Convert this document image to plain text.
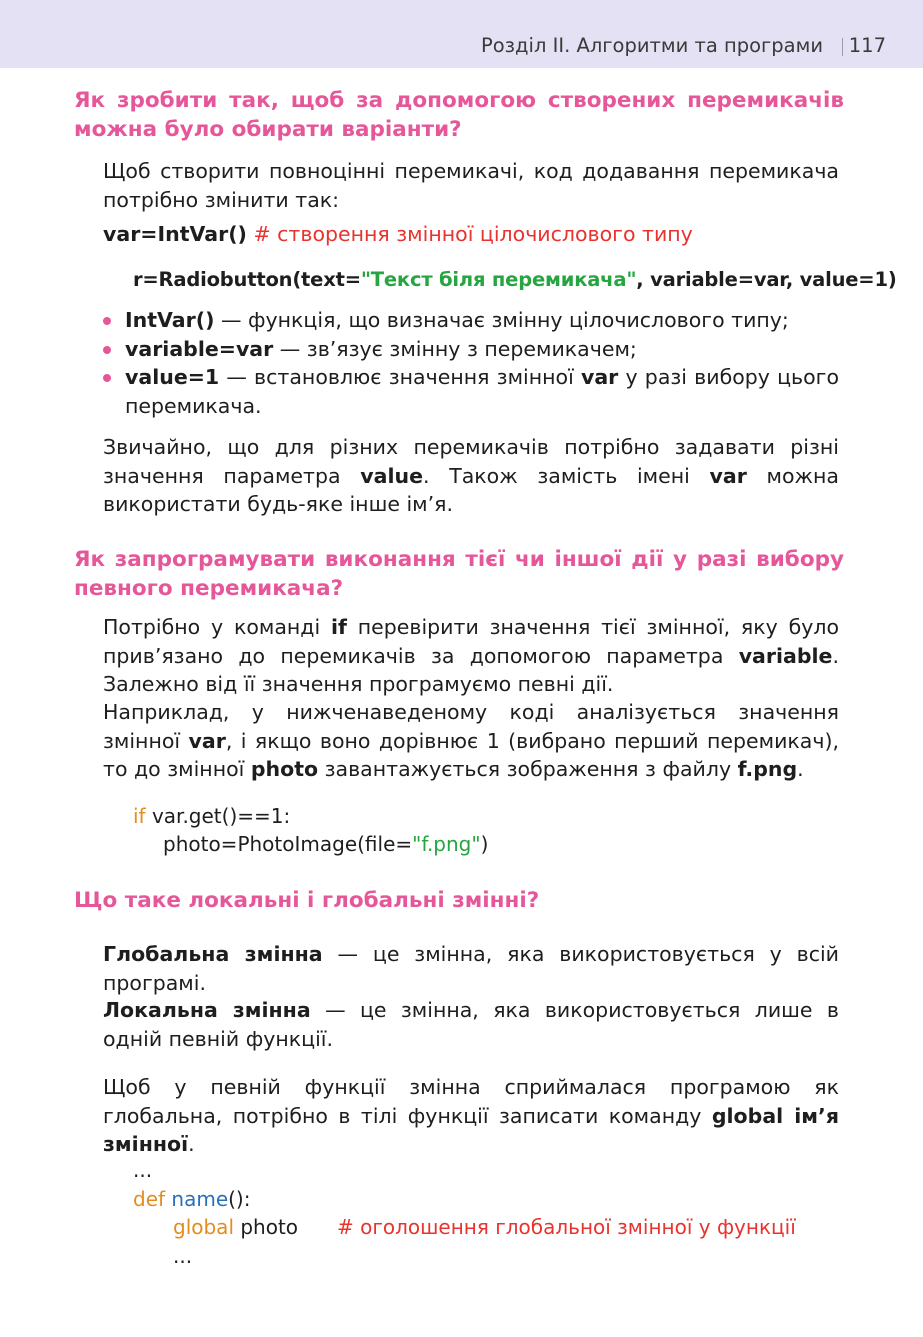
Розділ ІІ. Алгоритми та програми 117
Як зробити так, щоб за допомогою створених перемикачів можна було обирати варіанти?
Щоб створити повноцінні перемикачі, код додавання перемикача потрібно змінити так:
var=IntVar() # створення змінної цілочислового типу
r=Radiobutton(text="Текст біля перемикача", variable=var, value=1)
IntVar() — функція, що визначає змінну цілочислового типу;
variable=var — зв’язує змінну з перемикачем;
value=1 — встановлює значення змінної var у разі вибору цього перемикача.
Звичайно, що для різних перемикачів потрібно задавати різні значення параметра value. Також замість імені var можна використати будь-яке інше ім’я.
Як запрограмувати виконання тієї чи іншої дії у разі вибору певного перемикача?
Потрібно у команді if перевірити значення тієї змінної, яку було прив’язано до перемикачів за допомогою параметра variable. Залежно від її значення програмуємо певні дії.
Наприклад, у нижченаведеному коді аналізується значення змінної var, і якщо воно дорівнює 1 (вибрано перший перемикач), то до змінної photo завантажується зображення з файлу f.png.
if var.get()==1:
photo=PhotoImage(file="f.png")
Що таке локальні і глобальні змінні?
Глобальна змінна — це змінна, яка використовується у всій програмі.
Локальна змінна — це змінна, яка використовується лише в одній певній функції.
Щоб у певній функції змінна сприймалася програмою як глобальна, потрібно в тілі функції записати команду global ім’я змінної.
...
def name():
global photo # оголошення глобальної змінної у функції
...
